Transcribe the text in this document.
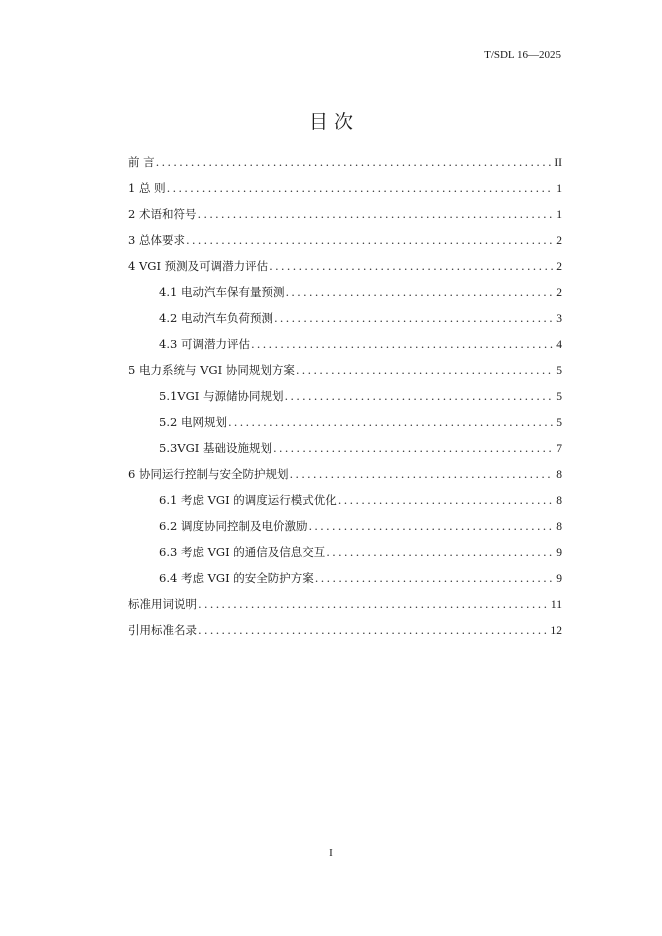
T/SDL 16—2025
目 次
前 言 .....	II
1 总 则 .....	1
2 术语和符号 .....	1
3 总体要求 .....	2
4 VGI 预测及可调潜力评估 .....	2
4.1 电动汽车保有量预测 .....	2
4.2 电动汽车负荷预测 .....	3
4.3 可调潜力评估 .....	4
5 电力系统与 VGI 协同规划方案 .....	5
5.1VGI 与源储协同规划 .....	5
5.2 电网规划 .....	5
5.3VGI 基础设施规划 .....	7
6 协同运行控制与安全防护规划 .....	8
6.1 考虑 VGI 的调度运行模式优化 .....	8
6.2 调度协同控制及电价激励 .....	8
6.3 考虑 VGI 的通信及信息交互 .....	9
6.4 考虑 VGI 的安全防护方案 .....	9
标准用词说明 .....	11
引用标准名录 .....	12
I
